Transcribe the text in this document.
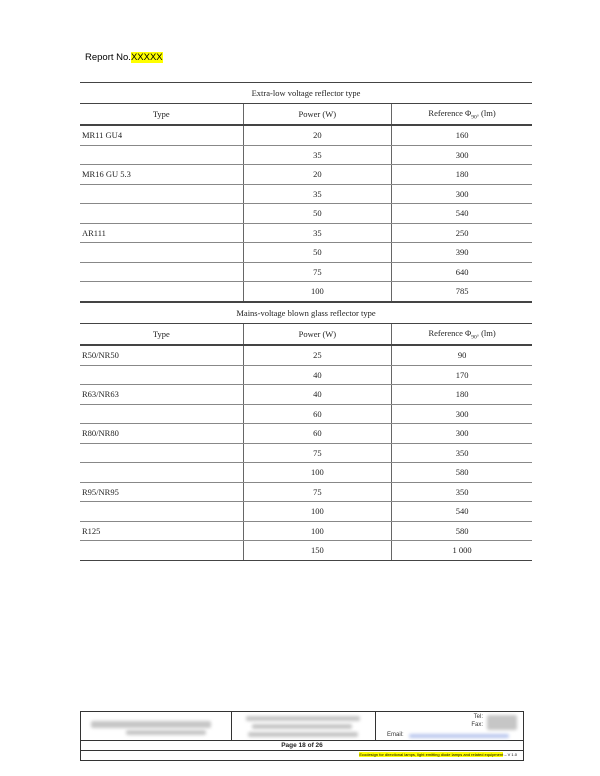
Report No.XXXXX
Extra-low voltage reflector type		
Type	Power (W)	Reference $\Phi_{90^\circ}$ (lm)
MR11 GU4	20	160
	35	300
MR16 GU 5.3	20	180
	35	300
	50	540
AR111	35	250
	50	390
	75	640
	100	785
Mains-voltage blown glass reflector type		
Type	Power (W)	Reference $\Phi_{90^\circ}$ (lm)
R50/NR50	25	90
	40	170
R63/NR63	40	180
	60	300
R80/NR80	60	300
	75	350
	100	580
R95/NR95	75	350
	100	540
R125	100	580
	150	1 000
Tel:
Fax:
Email:
Page 18 of 26
Ecodesign for directional lamps, light emitting diode lamps and related equipment – V 1.0
